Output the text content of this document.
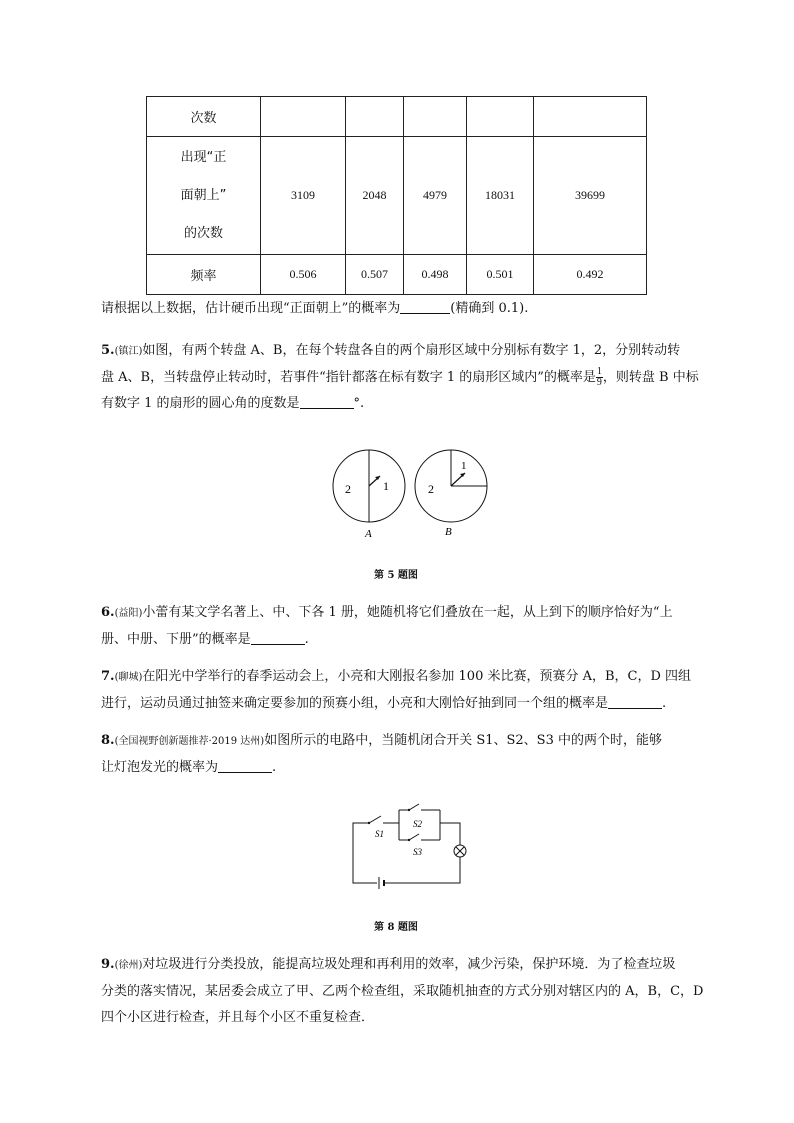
次数					

出现“正
面朝上”
的次数	3109	2048	4979	18031	39699
频率	0.506	0.507	0.498	0.501	0.492
请根据以上数据，估计硬币出现“正面朝上”的概率为	(精确到 0.1).
5.(镇江)如图，有两个转盘 A、B，在每个转盘各自的两个扇形区域中分别标有数字 1，2，分别转动转
盘 A、B，当转盘停止转动时，若事件“指针都落在标有数字 1 的扇形区域内”的概率是 $\frac{1}{9}$ ，则转盘 B 中标
有数字 1 的扇形的圆心角的度数是	°.
2	1
A
2
1
B
第 5 题图
6.(益阳)小蕾有某文学名著上、中、下各 1 册，她随机将它们叠放在一起，从上到下的顺序恰好为“上
册、中册、下册”的概率是	.
7.(聊城)在阳光中学举行的春季运动会上，小亮和大刚报名参加 100 米比赛，预赛分 A，B，C，D 四组
进行，运动员通过抽签来确定要参加的预赛小组，小亮和大刚恰好抽到同一个组的概率是	.
8.(全国视野创新题推荐·2019 达州)如图所示的电路中，当随机闭合开关 S1、S2、S3 中的两个时，能够
让灯泡发光的概率为	.
S1
S2
S3
第 8 题图
9.(徐州)对垃圾进行分类投放，能提高垃圾处理和再利用的效率，减少污染，保护环境．为了检查垃圾
分类的落实情况，某居委会成立了甲、乙两个检查组，采取随机抽查的方式分别对辖区内的 A，B，C，D
四个小区进行检查，并且每个小区不重复检查．
